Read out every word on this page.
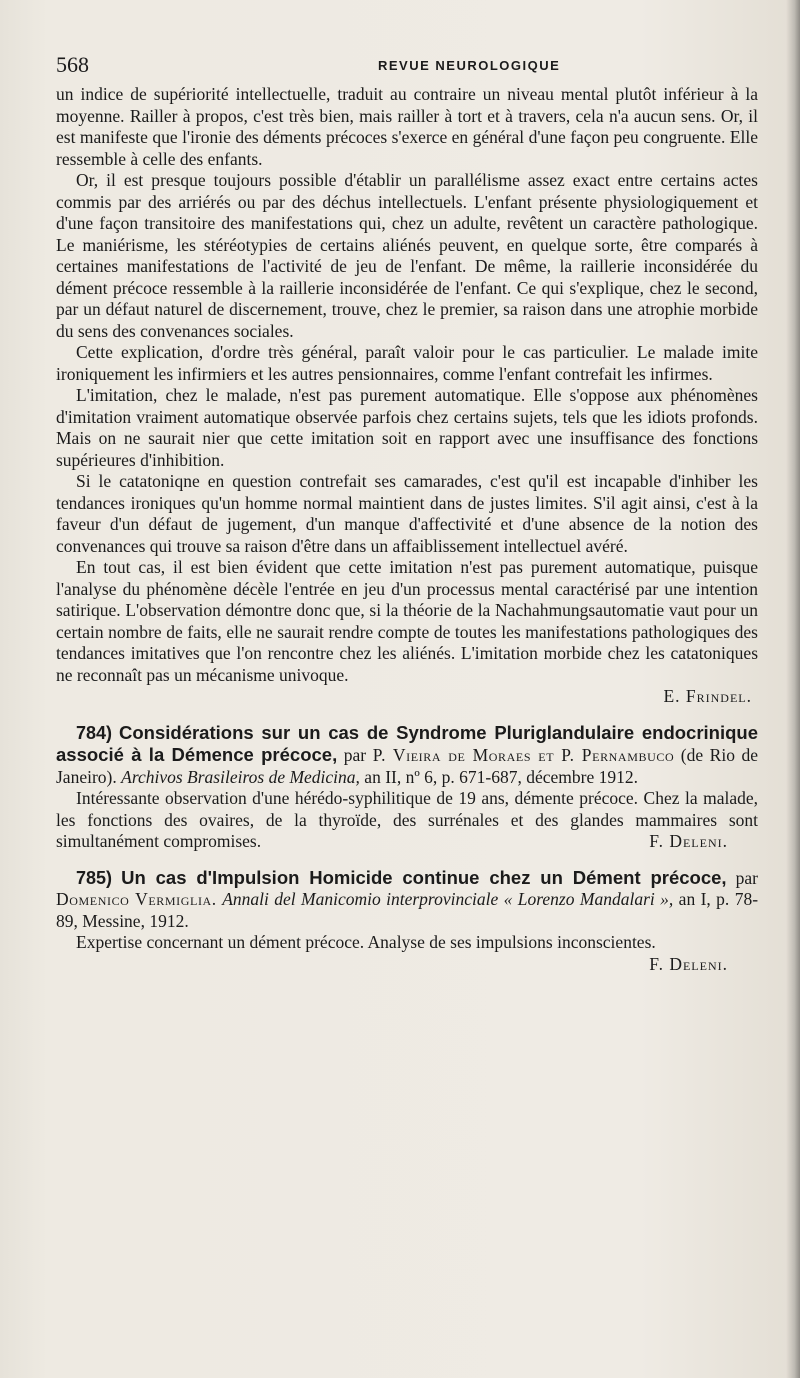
568	REVUE NEUROLOGIQUE

un indice de supériorité intellectuelle, traduit au contraire un niveau mental plutôt inférieur à la moyenne. Railler à propos, c'est très bien, mais railler à tort et à travers, cela n'a aucun sens. Or, il est manifeste que l'ironie des déments précoces s'exerce en général d'une façon peu congruente. Elle ressemble à celle des enfants.

Or, il est presque toujours possible d'établir un parallélisme assez exact entre certains actes commis par des arriérés ou par des déchus intellectuels. L'enfant présente physiologiquement et d'une façon transitoire des manifestations qui, chez un adulte, revêtent un caractère pathologique. Le maniérisme, les stéréotypies de certains aliénés peuvent, en quelque sorte, être comparés à certaines manifestations de l'activité de jeu de l'enfant. De même, la raillerie inconsidérée du dément précoce ressemble à la raillerie inconsidérée de l'enfant. Ce qui s'explique, chez le second, par un défaut naturel de discernement, trouve, chez le premier, sa raison dans une atrophie morbide du sens des convenances sociales.

Cette explication, d'ordre très général, paraît valoir pour le cas particulier. Le malade imite ironiquement les infirmiers et les autres pensionnaires, comme l'enfant contrefait les infirmes.

L'imitation, chez le malade, n'est pas purement automatique. Elle s'oppose aux phénomènes d'imitation vraiment automatique observée parfois chez certains sujets, tels que les idiots profonds. Mais on ne saurait nier que cette imitation soit en rapport avec une insuffisance des fonctions supérieures d'inhibition.

Si le catatoniqne en question contrefait ses camarades, c'est qu'il est incapable d'inhiber les tendances ironiques qu'un homme normal maintient dans de justes limites. S'il agit ainsi, c'est à la faveur d'un défaut de jugement, d'un manque d'affectivité et d'une absence de la notion des convenances qui trouve sa raison d'être dans un affaiblissement intellectuel avéré.

En tout cas, il est bien évident que cette imitation n'est pas purement automatique, puisque l'analyse du phénomène décèle l'entrée en jeu d'un processus mental caractérisé par une intention satirique. L'observation démontre donc que, si la théorie de la Nachahmungsautomatie vaut pour un certain nombre de faits, elle ne saurait rendre compte de toutes les manifestations pathologiques des tendances imitatives que l'on rencontre chez les aliénés. L'imitation morbide chez les catatoniques ne reconnaît pas un mécanisme univoque.

E. Frindel.

784) Considérations sur un cas de Syndrome Pluriglandulaire endocrinique associé à la Démence précoce, par P. Vieira de Moraes et P. Pernambuco (de Rio de Janeiro). Archivos Brasileiros de Medicina, an II, nº 6, p. 671-687, décembre 1912.

Intéressante observation d'une hérédo-syphilitique de 19 ans, démente précoce. Chez la malade, les fonctions des ovaires, de la thyroïde, des surrénales et des glandes mammaires sont simultanément compromises.	F. Deleni.

785) Un cas d'Impulsion Homicide continue chez un Dément précoce, par Domenico Vermiglia. Annali del Manicomio interprovinciale « Lorenzo Mandalari », an I, p. 78-89, Messine, 1912.

Expertise concernant un dément précoce. Analyse de ses impulsions inconscientes.
F. Deleni.
